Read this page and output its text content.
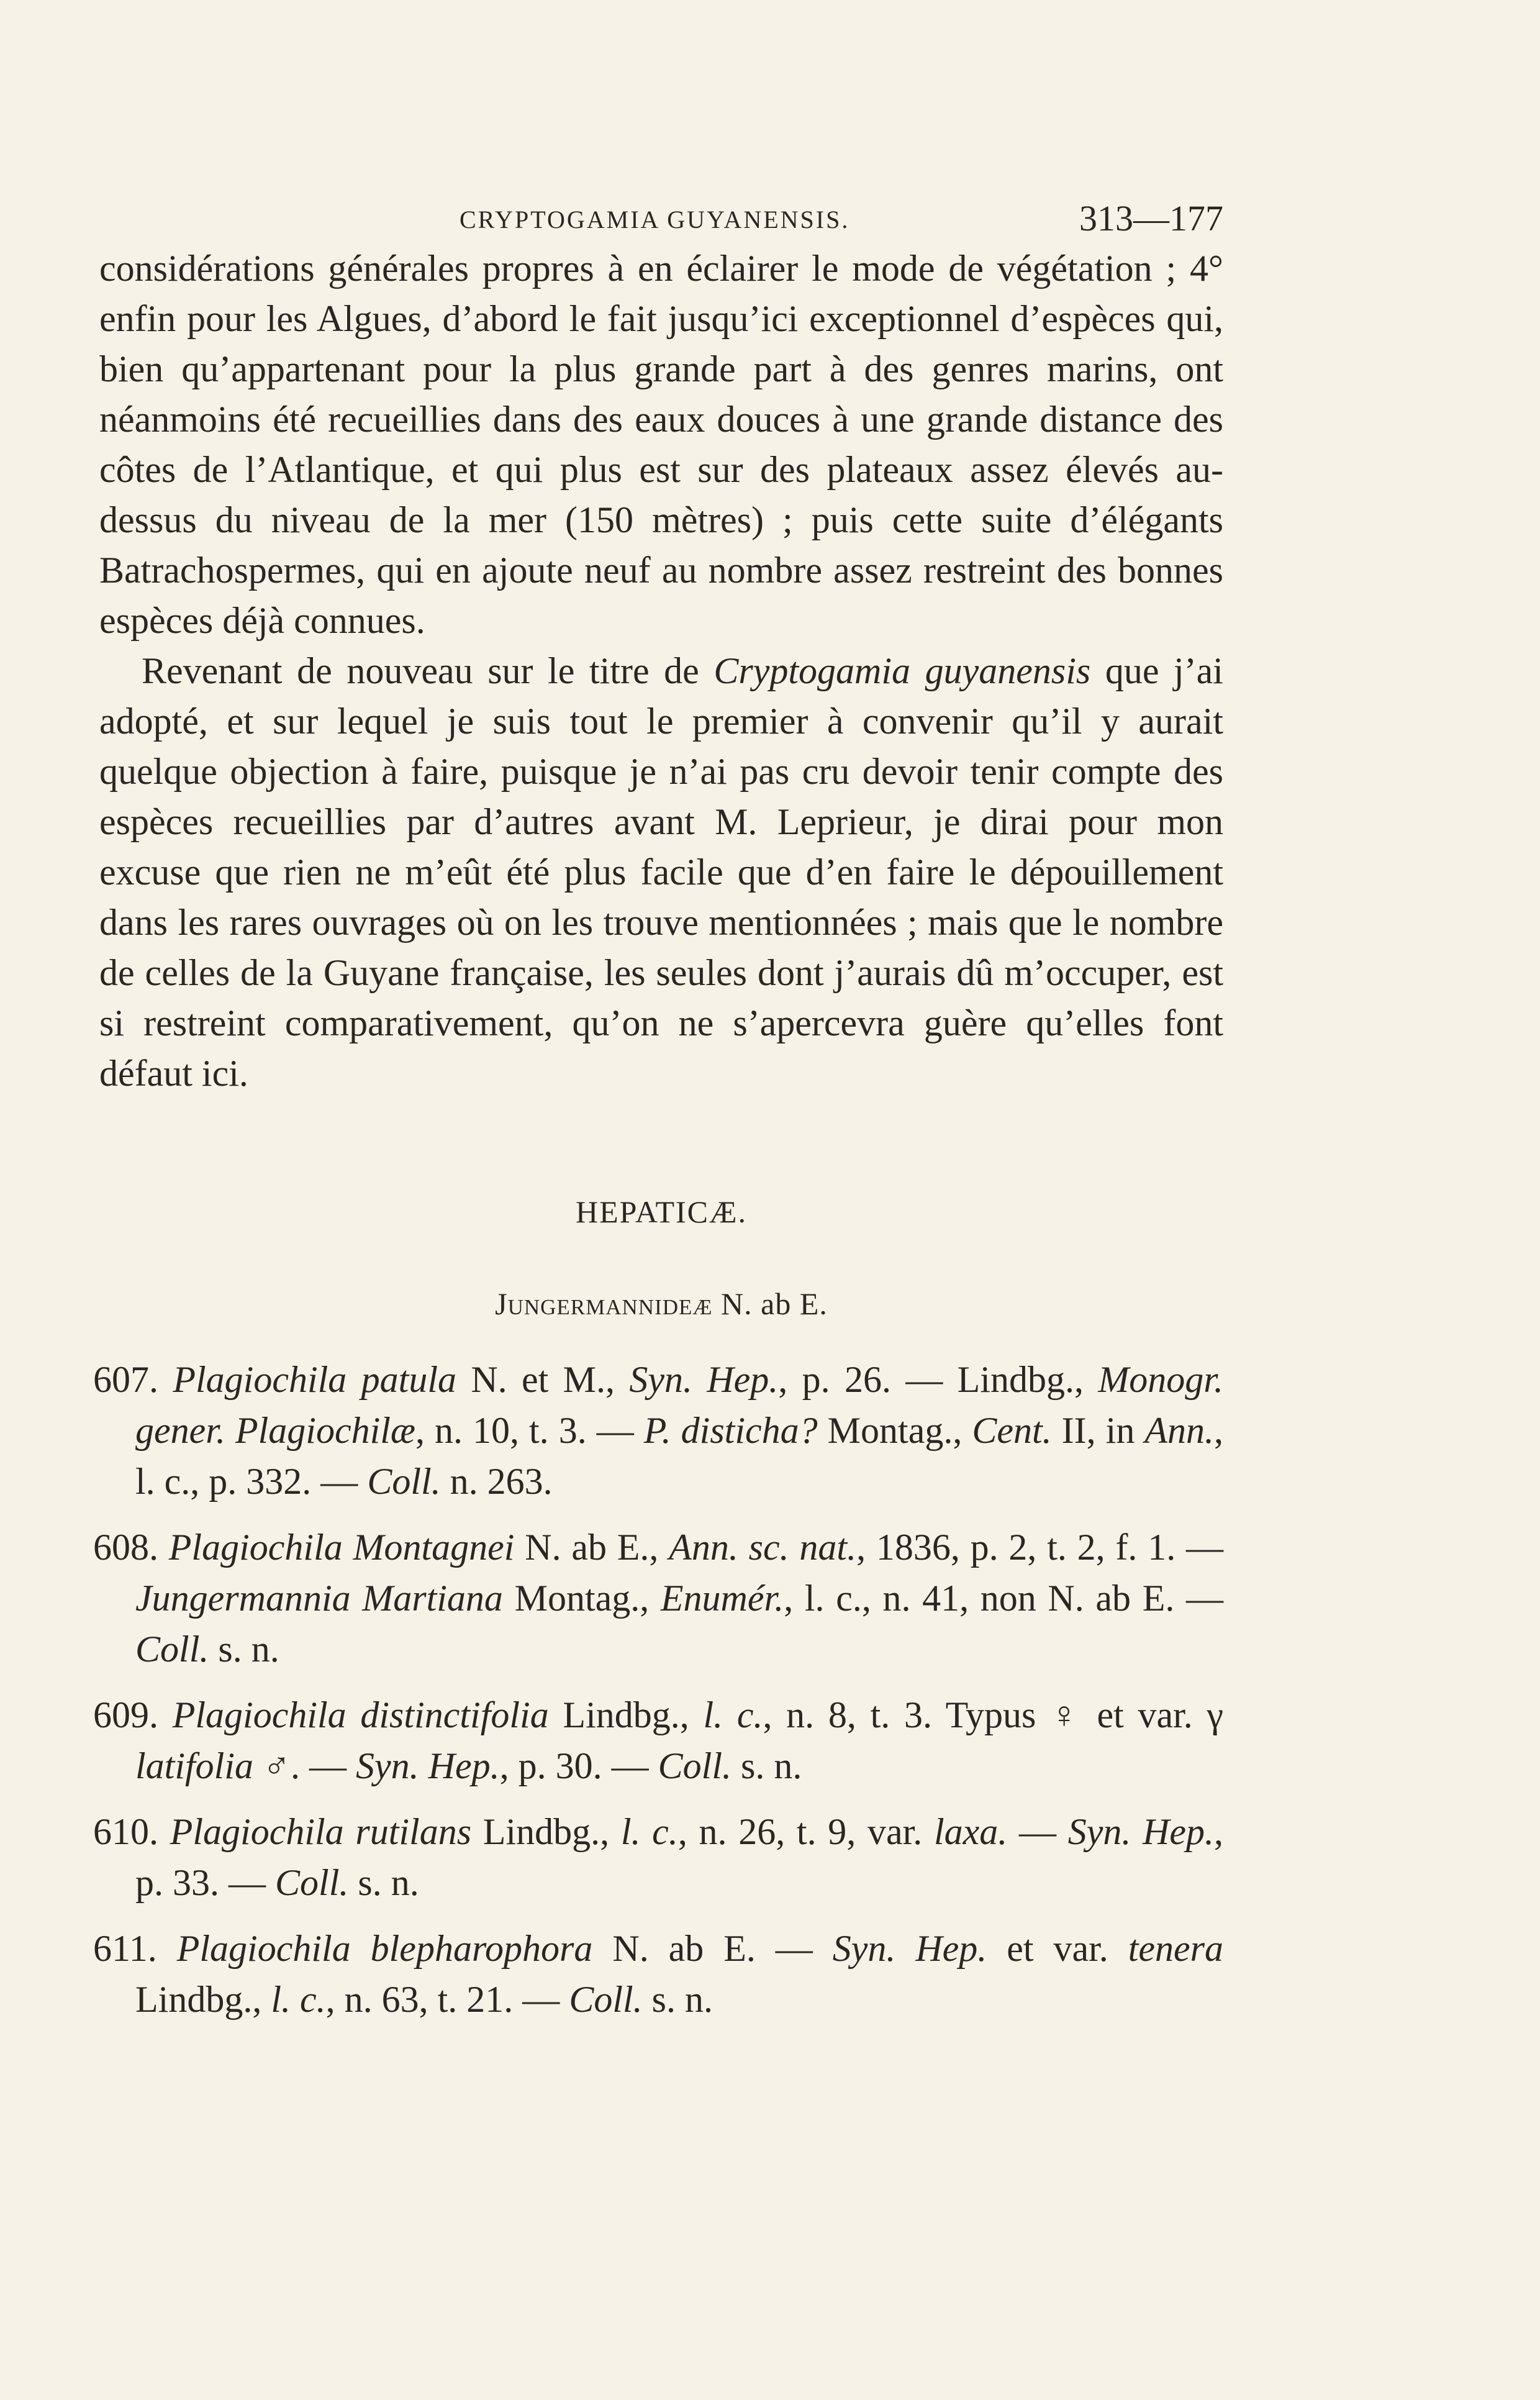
CRYPTOGAMIA GUYANENSIS.	313—177

considérations générales propres à en éclairer le mode de végétation ; 4° enfin pour les Algues, d’abord le fait jusqu’ici exceptionnel d’espèces qui, bien qu’appartenant pour la plus grande part à des genres marins, ont néanmoins été recueillies dans des eaux douces à une grande distance des côtes de l’Atlantique, et qui plus est sur des plateaux assez élevés au-dessus du niveau de la mer (150 mètres) ; puis cette suite d’élégants Batrachospermes, qui en ajoute neuf au nombre assez restreint des bonnes espèces déjà connues.

Revenant de nouveau sur le titre de Cryptogamia guyanensis que j’ai adopté, et sur lequel je suis tout le premier à convenir qu’il y aurait quelque objection à faire, puisque je n’ai pas cru devoir tenir compte des espèces recueillies par d’autres avant M. Leprieur, je dirai pour mon excuse que rien ne m’eût été plus facile que d’en faire le dépouillement dans les rares ouvrages où on les trouve mentionnées ; mais que le nombre de celles de la Guyane française, les seules dont j’aurais dû m’occuper, est si restreint comparativement, qu’on ne s’apercevra guère qu’elles font défaut ici.

HEPATICÆ.
Jungermannideæ N. ab E.

607. Plagiochila patula N. et M., Syn. Hep., p. 26. — Lindbg., Monogr. gener. Plagiochilæ, n. 10, t. 3. — P. disticha? Montag., Cent. II, in Ann., l. c., p. 332. — Coll. n. 263.

608. Plagiochila Montagnei N. ab E., Ann. sc. nat., 1836, p. 2, t. 2, f. 1. — Jungermannia Martiana Montag., Enumér., l. c., n. 41, non N. ab E. — Coll. s. n.

609. Plagiochila distinctifolia Lindbg., l. c., n. 8, t. 3. Typus ♀ et var. γ latifolia ♂. — Syn. Hep., p. 30. — Coll. s. n.

610. Plagiochila rutilans Lindbg., l. c., n. 26, t. 9, var. laxa. — Syn. Hep., p. 33. — Coll. s. n.

611. Plagiochila blepharophora N. ab E. — Syn. Hep. et var. tenera Lindbg., l. c., n. 63, t. 21. — Coll. s. n.
